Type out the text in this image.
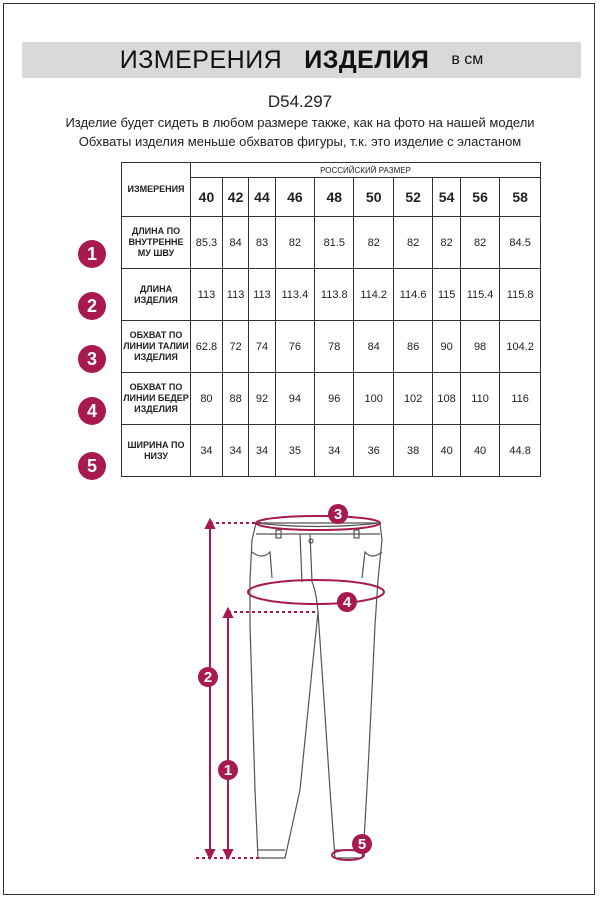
ИЗМЕРЕНИЯ ИЗДЕЛИЯ в см
D54.297
Изделие будет сидеть в любом размере также, как на фото на нашей модели
Обхваты изделия меньше обхватов фигуры, т.к. это изделие с эластаном
ИЗМЕРЕНИЯ	РОССИЙСКИЙ РАЗМЕР									
	40	42	44	46	48	50	52	54	56	58
ДЛИНА ПО ВНУТРЕННЕ МУ ШВУ	85.3	84	83	82	81.5	82	82	82	82	84.5
ДЛИНА ИЗДЕЛИЯ	113	113	113	113.4	113.8	114.2	114.6	115	115.4	115.8
ОБХВАТ ПО ЛИНИИ ТАЛИИ ИЗДЕЛИЯ	62.8	72	74	76	78	84	86	90	98	104.2
ОБХВАТ ПО ЛИНИИ БЕДЕР ИЗДЕЛИЯ	80	88	92	94	96	100	102	108	110	116
ШИРИНА ПО НИЗУ	34	34	34	35	34	36	38	40	40	44.8
1
2
3
4
5
1
2
3
4
5
